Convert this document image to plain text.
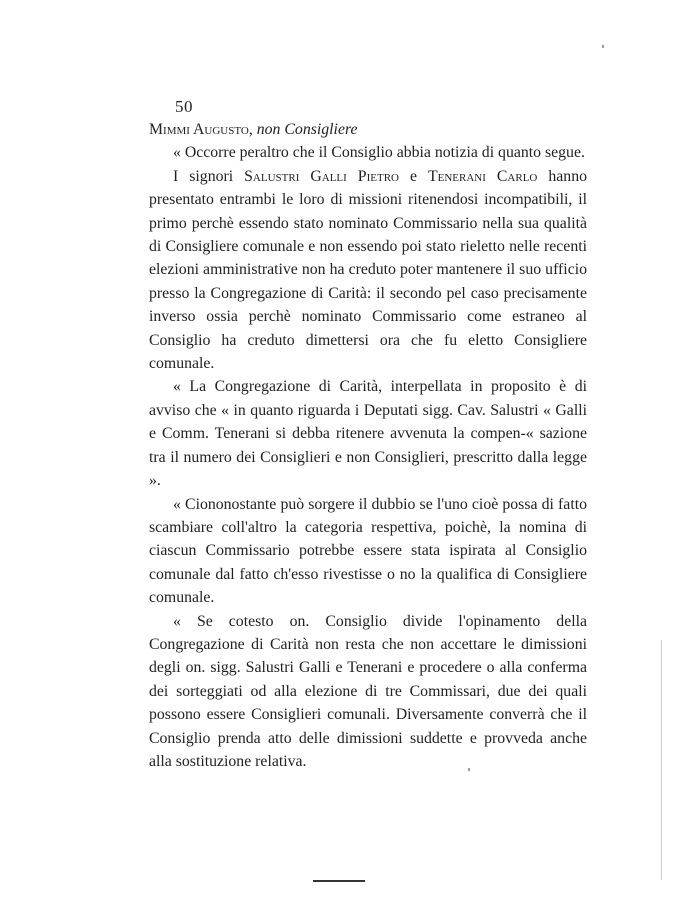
50

Mimmi Augusto, non Consigliere

« Occorre peraltro che il Consiglio abbia notizia di quanto segue.

I signori Salustri Galli Pietro e Tenerani Carlo hanno presentato entrambi le loro di missioni ritenendosi incompatibili, il primo perchè essendo stato nominato Commissario nella sua qualità di Consigliere comunale e non essendo poi stato rieletto nelle recenti elezioni amministrative non ha creduto poter mantenere il suo ufficio presso la Congregazione di Carità: il secondo pel caso precisamente inverso ossia perchè nominato Commissario come estraneo al Consiglio ha creduto dimettersi ora che fu eletto Consigliere comunale.

« La Congregazione di Carità, interpellata in proposito è di avviso che « in quanto riguarda i Deputati sigg. Cav. Salustri « Galli e Comm. Tenerani si debba ritenere avvenuta la compen-« sazione tra il numero dei Consiglieri e non Consiglieri, prescritto dalla legge ».

« Ciononostante può sorgere il dubbio se l'uno cioè possa di fatto scambiare coll'altro la categoria respettiva, poichè, la nomina di ciascun Commissario potrebbe essere stata ispirata al Consiglio comunale dal fatto ch'esso rivestisse o no la qualifica di Consigliere comunale.

« Se cotesto on. Consiglio divide l'opinamento della Congregazione di Carità non resta che non accettare le dimissioni degli on. sigg. Salustri Galli e Tenerani e procedere o alla conferma dei sorteggiati od alla elezione di tre Commissari, due dei quali possono essere Consiglieri comunali. Diversamente converrà che il Consiglio prenda atto delle dimissioni suddette e provveda anche alla sostituzione relativa.
